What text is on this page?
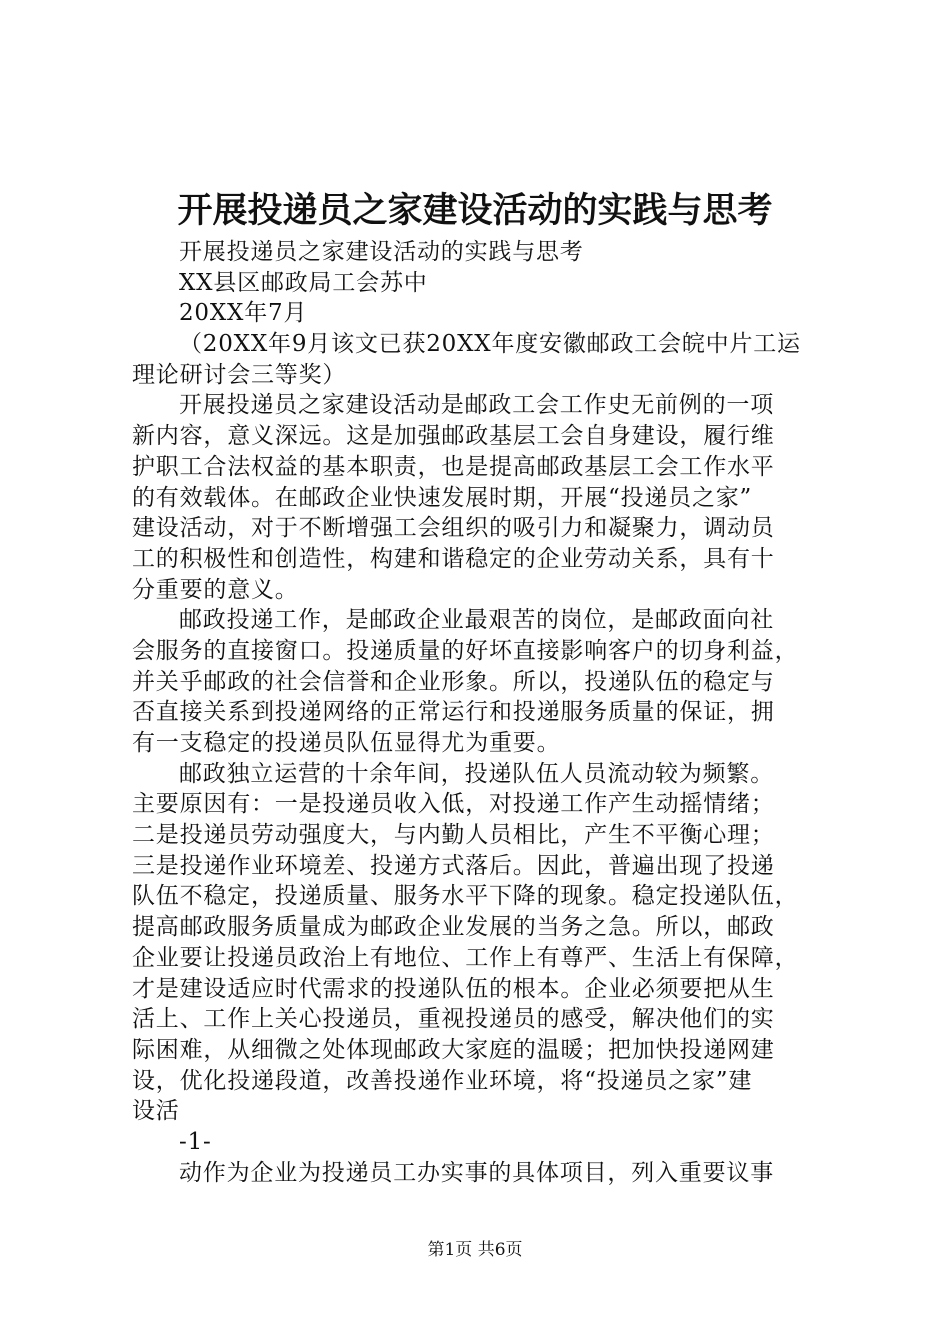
开展投递员之家建设活动的实践与思考
开展投递员之家建设活动的实践与思考
XX县区邮政局工会苏中
20XX年7月
（20XX年9月该文已获20XX年度安徽邮政工会皖中片工运
理论研讨会三等奖）
开展投递员之家建设活动是邮政工会工作史无前例的一项
新内容，意义深远。这是加强邮政基层工会自身建设，履行维
护职工合法权益的基本职责，也是提高邮政基层工会工作水平
的有效载体。在邮政企业快速发展时期，开展“投递员之家”
建设活动，对于不断增强工会组织的吸引力和凝聚力，调动员
工的积极性和创造性，构建和谐稳定的企业劳动关系，具有十
分重要的意义。
邮政投递工作，是邮政企业最艰苦的岗位，是邮政面向社
会服务的直接窗口。投递质量的好坏直接影响客户的切身利益，
并关乎邮政的社会信誉和企业形象。所以，投递队伍的稳定与
否直接关系到投递网络的正常运行和投递服务质量的保证，拥
有一支稳定的投递员队伍显得尤为重要。
邮政独立运营的十余年间，投递队伍人员流动较为频繁。
主要原因有：一是投递员收入低，对投递工作产生动摇情绪；
二是投递员劳动强度大，与内勤人员相比，产生不平衡心理；
三是投递作业环境差、投递方式落后。因此，普遍出现了投递
队伍不稳定，投递质量、服务水平下降的现象。稳定投递队伍，
提高邮政服务质量成为邮政企业发展的当务之急。所以，邮政
企业要让投递员政治上有地位、工作上有尊严、生活上有保障，
才是建设适应时代需求的投递队伍的根本。企业必须要把从生
活上、工作上关心投递员，重视投递员的感受，解决他们的实
际困难，从细微之处体现邮政大家庭的温暖；把加快投递网建
设，优化投递段道，改善投递作业环境，将“投递员之家”建
设活
-1-
动作为企业为投递员工办实事的具体项目，列入重要议事
第1页 共6页
